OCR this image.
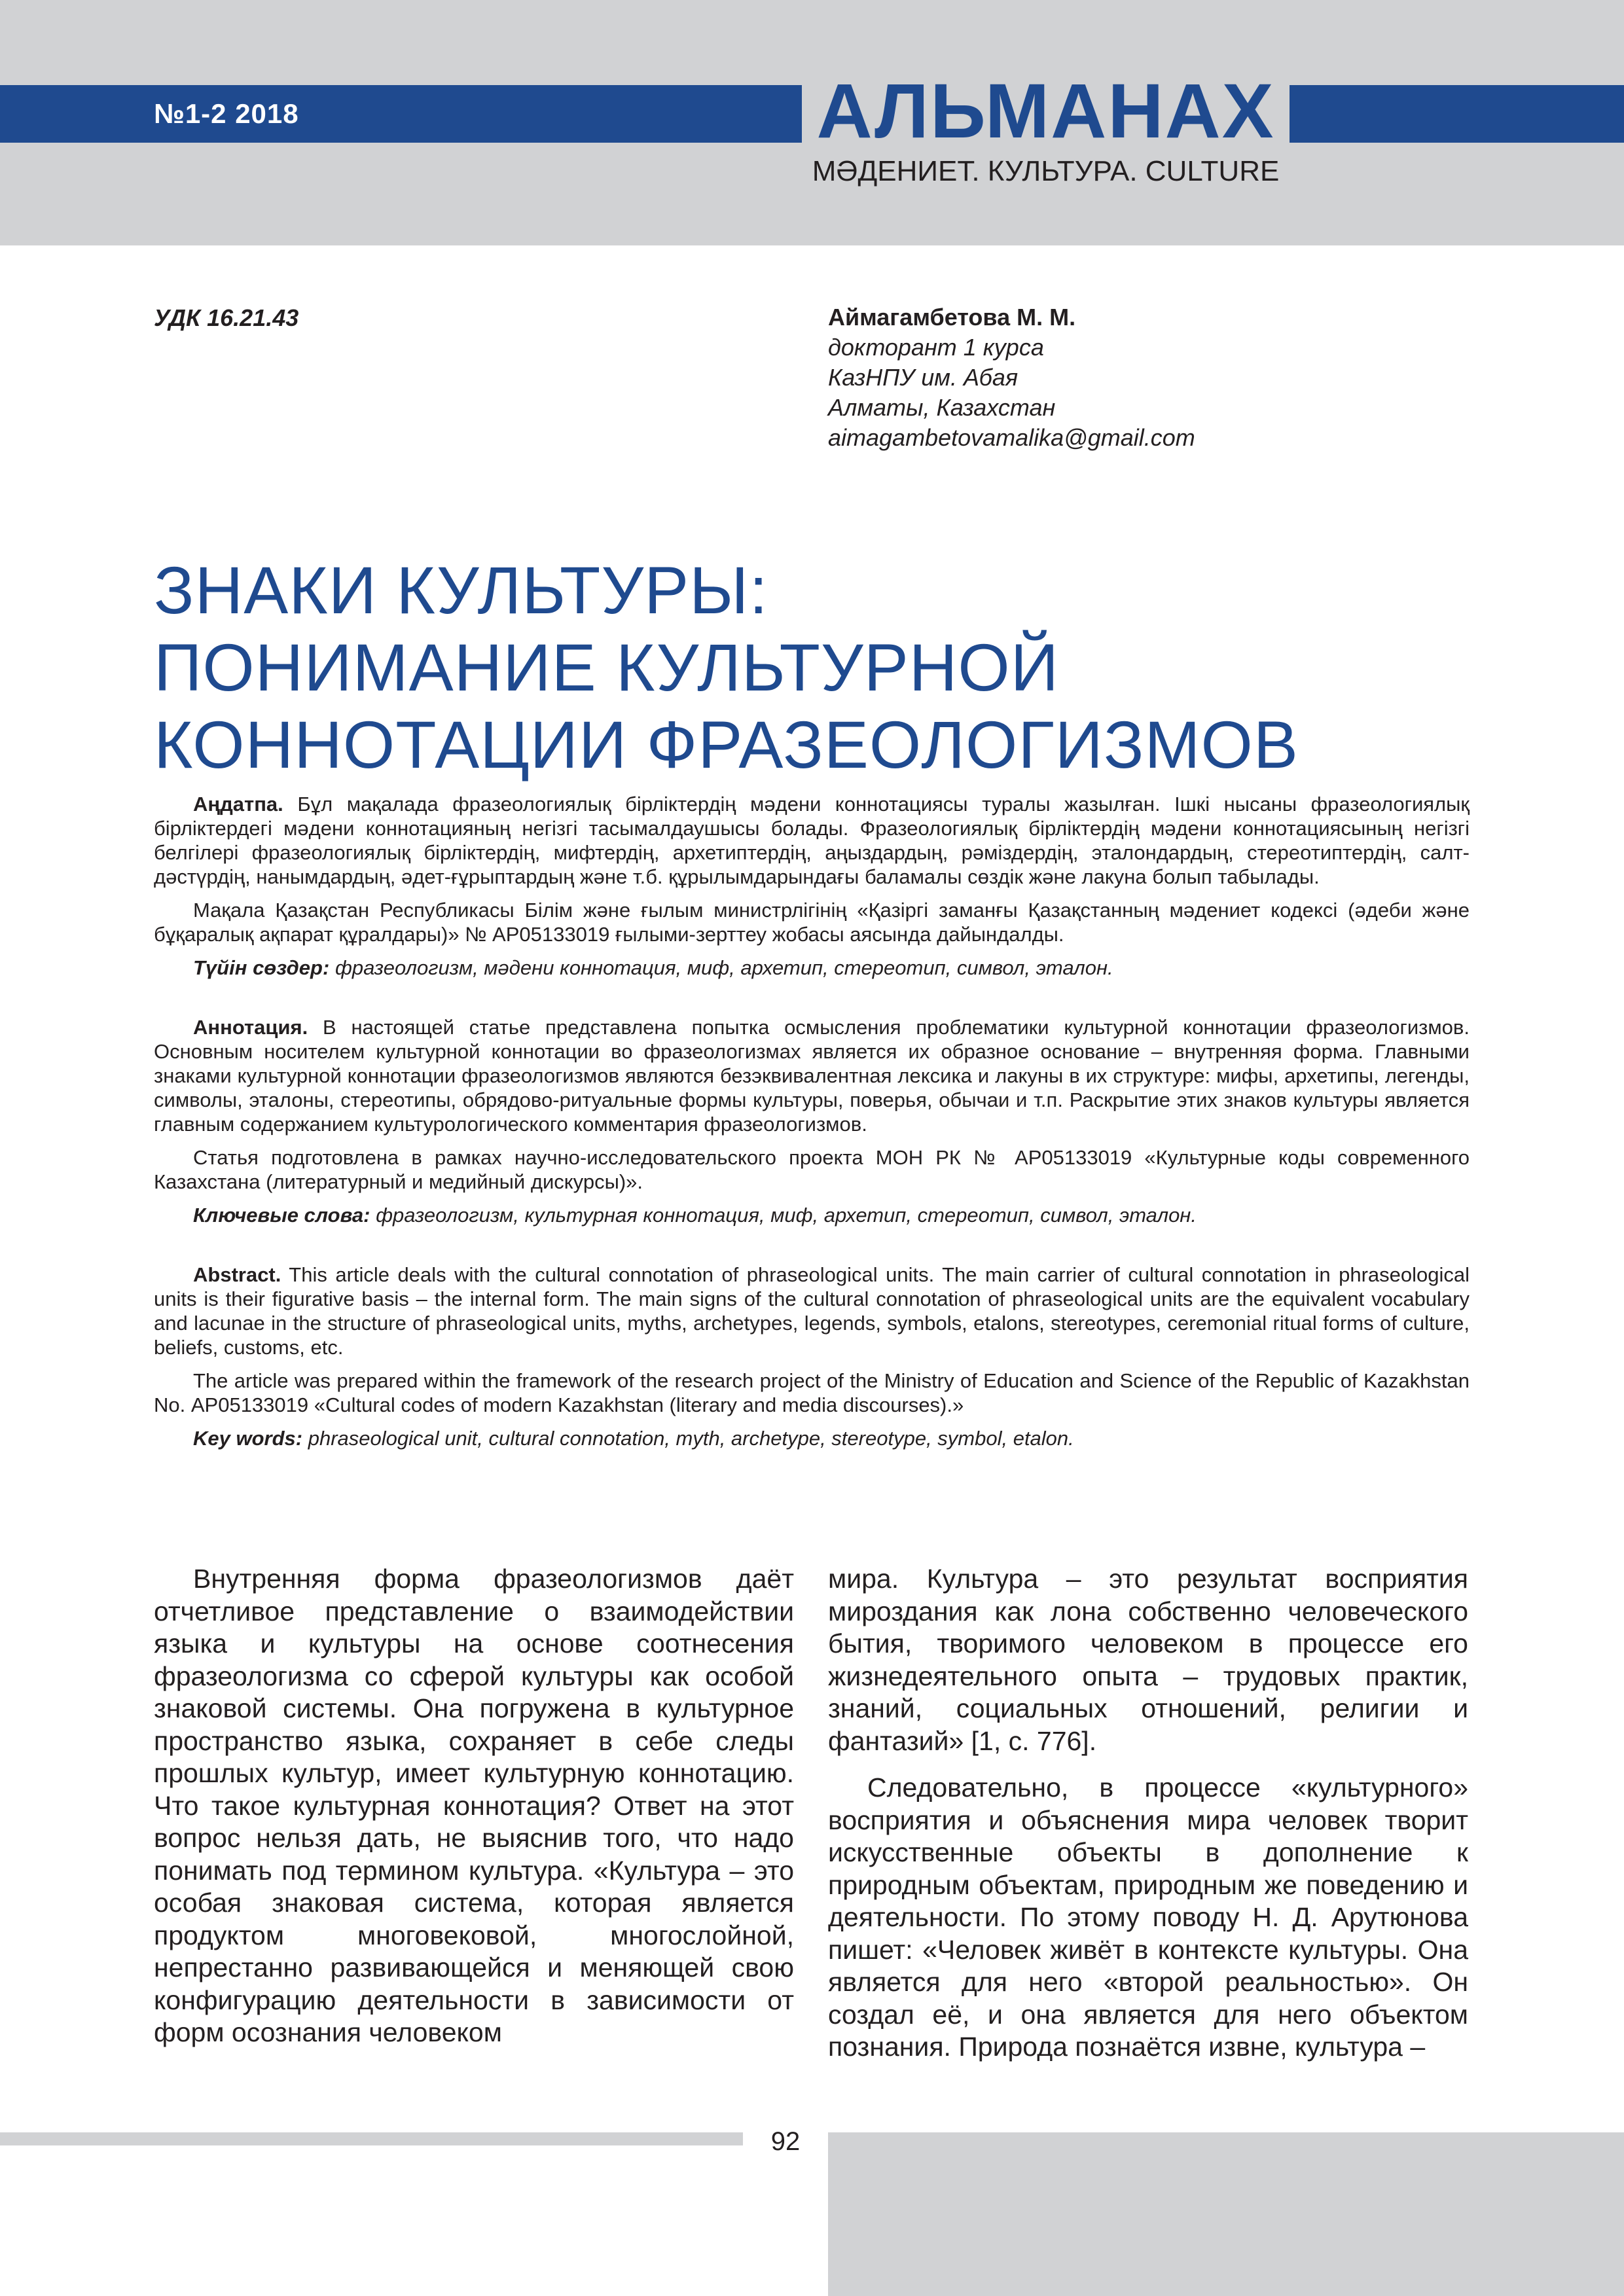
№1-2 2018	АЛЬМАНАХ
МӘДЕНИЕТ. КУЛЬТУРА. CULTURE
УДК 16.21.43	Аймагамбетова М. М.
докторант 1 курса
КазНПУ им. Абая
Алматы, Казахстан
aimagambetovamalika@gmail.com
ЗНАКИ КУЛЬТУРЫ:
ПОНИМАНИЕ КУЛЬТУРНОЙ
КОННОТАЦИИ ФРАЗЕОЛОГИЗМОВ

Аңдатпа. Бұл мақалада фразеологиялық бірліктердің мәдени коннотациясы туралы жазылған. Ішкі нысаны фразеологиялық бірліктердегі мәдени коннотацияның негізгі тасымалдаушысы болады. Фразеологиялық бірліктердің мәдени коннотациясының негізгі белгілері фразеологиялық бірліктердің, мифтердің, архетиптердің, аңыздардың, рәміздердің, эталондардың, стереотиптердің, салт-дәстүрдің, нанымдардың, әдет-ғұрыптардың және т.б. құрылымдарындағы баламалы сөздік және лакуна болып табылады.

Мақала Қазақстан Республикасы Білім және ғылым министрлігінің «Қазіргі заманғы Қазақстанның мәдениет кодексі (әдеби және бұқаралық ақпарат құралдары)» № АР05133019 ғылыми-зерттеу жобасы аясында дайындалды.

Түйін сөздер: фразеологизм, мәдени коннотация, миф, архетип, стереотип, символ, эталон.

Аннотация. В настоящей статье представлена попытка осмысления проблематики культурной коннотации фразеологизмов. Основным носителем культурной коннотации во фразеологизмах является их образное основание – внутренняя форма. Главными знаками культурной коннотации фразеологизмов являются безэквивалентная лексика и лакуны в их структуре: мифы, архетипы, легенды, символы, эталоны, стереотипы, обрядово-ритуальные формы культуры, поверья, обычаи и т.п. Раскрытие этих знаков культуры является главным содержанием культурологического комментария фразеологизмов.

Статья подготовлена в рамках научно-исследовательского проекта МОН РК № АР05133019 «Культурные коды современного Казахстана (литературный и медийный дискурсы)».

Ключевые слова: фразеологизм, культурная коннотация, миф, архетип, стереотип, символ, эталон.

Abstract. This article deals with the cultural connotation of phraseological units. The main carrier of cultural connotation in phraseological units is their figurative basis – the internal form. The main signs of the cultural connotation of phraseological units are the equivalent vocabulary and lacunae in the structure of phraseological units, myths, archetypes, legends, symbols, etalons, stereotypes, ceremonial ritual forms of culture, beliefs, customs, etc.

The article was prepared within the framework of the research project of the Ministry of Education and Science of the Republic of Kazakhstan No. АР05133019 «Cultural codes of modern Kazakhstan (literary and media discourses).»

Key words: phraseological unit, cultural connotation, myth, archetype, stereotype, symbol, etalon.

Внутренняя форма фразеологизмов даёт отчетливое представление о взаимодействии языка и культуры на основе соотнесения фразеологизма со сферой культуры как особой знаковой системы. Она погружена в культурное пространство языка, сохраняет в себе следы прошлых культур, имеет культурную коннотацию. Что такое культурная коннотация? Ответ на этот вопрос нельзя дать, не выяснив того, что надо понимать под термином культура. «Культура – это особая знаковая система, которая является продуктом многовековой, многослойной, непрестанно развивающейся и меняющей свою конфигурацию деятельности в зависимости от форм осознания человеком

мира. Культура – это результат восприятия мироздания как лона собственно человеческого бытия, творимого человеком в процессе его жизнедеятельного опыта – трудовых практик, знаний, социальных отношений, религии и фантазий» [1, с. 776].

Следовательно, в процессе «культурного» восприятия и объяснения мира человек творит искусственные объекты в дополнение к природным объектам, природным же поведению и деятельности. По этому поводу Н. Д. Арутюнова пишет: «Человек живёт в контексте культуры. Она является для него «второй реальностью». Он создал её, и она является для него объектом познания. Природа познаётся извне, культура –

92
